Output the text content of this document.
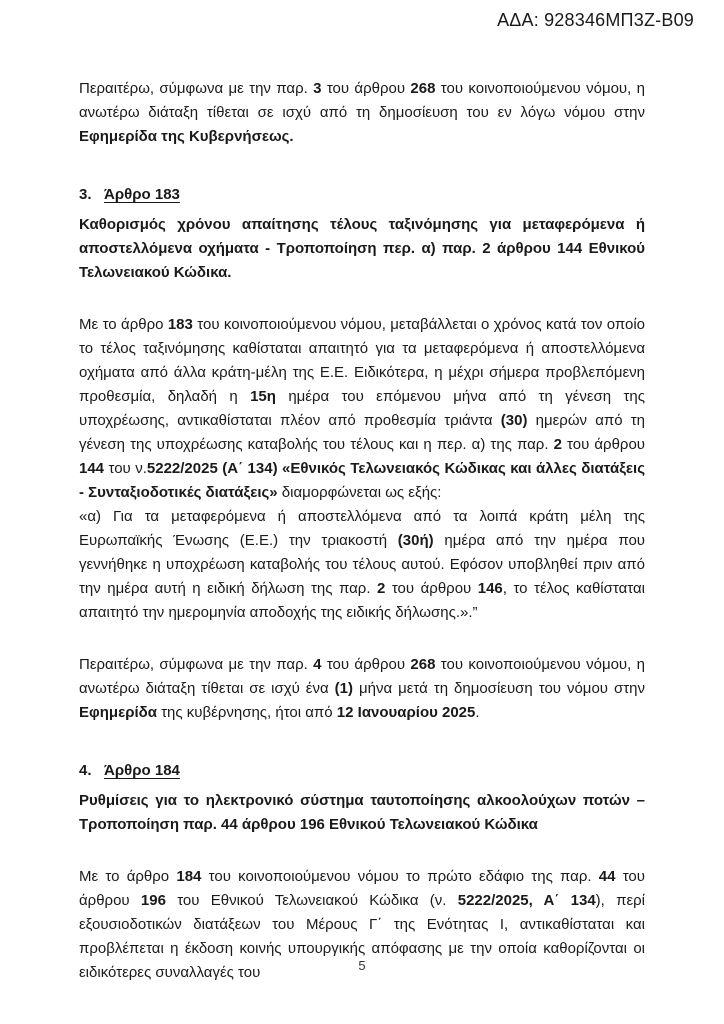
ΑΔΑ: 928346ΜΠ3Ζ-Β09

Περαιτέρω, σύμφωνα με την παρ. 3 του άρθρου 268 του κοινοποιούμενου νόμου, η ανωτέρω διάταξη τίθεται σε ισχύ από τη δημοσίευση του εν λόγω νόμου στην Εφημερίδα της Κυβερνήσεως.

3.   Άρθρο 183

Καθορισμός χρόνου απαίτησης τέλους ταξινόμησης για μεταφερόμενα ή αποστελλόμενα οχήματα - Τροποποίηση περ. α) παρ. 2 άρθρου 144 Εθνικού Τελωνειακού Κώδικα.

Με το άρθρο 183 του κοινοποιούμενου νόμου, μεταβάλλεται ο χρόνος κατά τον οποίο το τέλος ταξινόμησης καθίσταται απαιτητό για τα μεταφερόμενα ή αποστελλόμενα οχήματα από άλλα κράτη-μέλη της Ε.Ε. Ειδικότερα, η μέχρι σήμερα προβλεπόμενη προθεσμία, δηλαδή η 15η ημέρα του επόμενου μήνα από τη γένεση της υποχρέωσης, αντικαθίσταται πλέον από προθεσμία τριάντα (30) ημερών από τη γένεση της υποχρέωσης καταβολής του τέλους και η περ. α) της παρ. 2 του άρθρου 144 του ν.5222/2025 (Α΄ 134) «Εθνικός Τελωνειακός Κώδικας και άλλες διατάξεις - Συνταξιοδοτικές διατάξεις» διαμορφώνεται ως εξής:

«α) Για τα μεταφερόμενα ή αποστελλόμενα από τα λοιπά κράτη μέλη της Ευρωπαϊκής Ένωσης (Ε.Ε.) την τριακοστή (30ή) ημέρα από την ημέρα που γεννήθηκε η υποχρέωση καταβολής του τέλους αυτού. Εφόσον υποβληθεί πριν από την ημέρα αυτή η ειδική δήλωση της παρ. 2 του άρθρου 146, το τέλος καθίσταται απαιτητό την ημερομηνία αποδοχής της ειδικής δήλωσης.».”

Περαιτέρω, σύμφωνα με την παρ. 4 του άρθρου 268 του κοινοποιούμενου νόμου, η ανωτέρω διάταξη τίθεται σε ισχύ ένα (1) μήνα μετά τη δημοσίευση του νόμου στην Εφημερίδα της κυβέρνησης, ήτοι από 12 Ιανουαρίου 2025.

4.   Άρθρο 184

Ρυθμίσεις για το ηλεκτρονικό σύστημα ταυτοποίησης αλκοολούχων ποτών – Τροποποίηση παρ. 44 άρθρου 196 Εθνικού Τελωνειακού Κώδικα

Με το άρθρο 184 του κοινοποιούμενου νόμου το πρώτο εδάφιο της παρ. 44 του άρθρου 196 του Εθνικού Τελωνειακού Κώδικα (ν. 5222/2025, Α΄ 134), περί εξουσιοδοτικών διατάξεων του Μέρους Γ΄ της Ενότητας Ι, αντικαθίσταται και προβλέπεται η έκδοση κοινής υπουργικής απόφασης με την οποία καθορίζονται οι ειδικότερες συναλλαγές του	5
